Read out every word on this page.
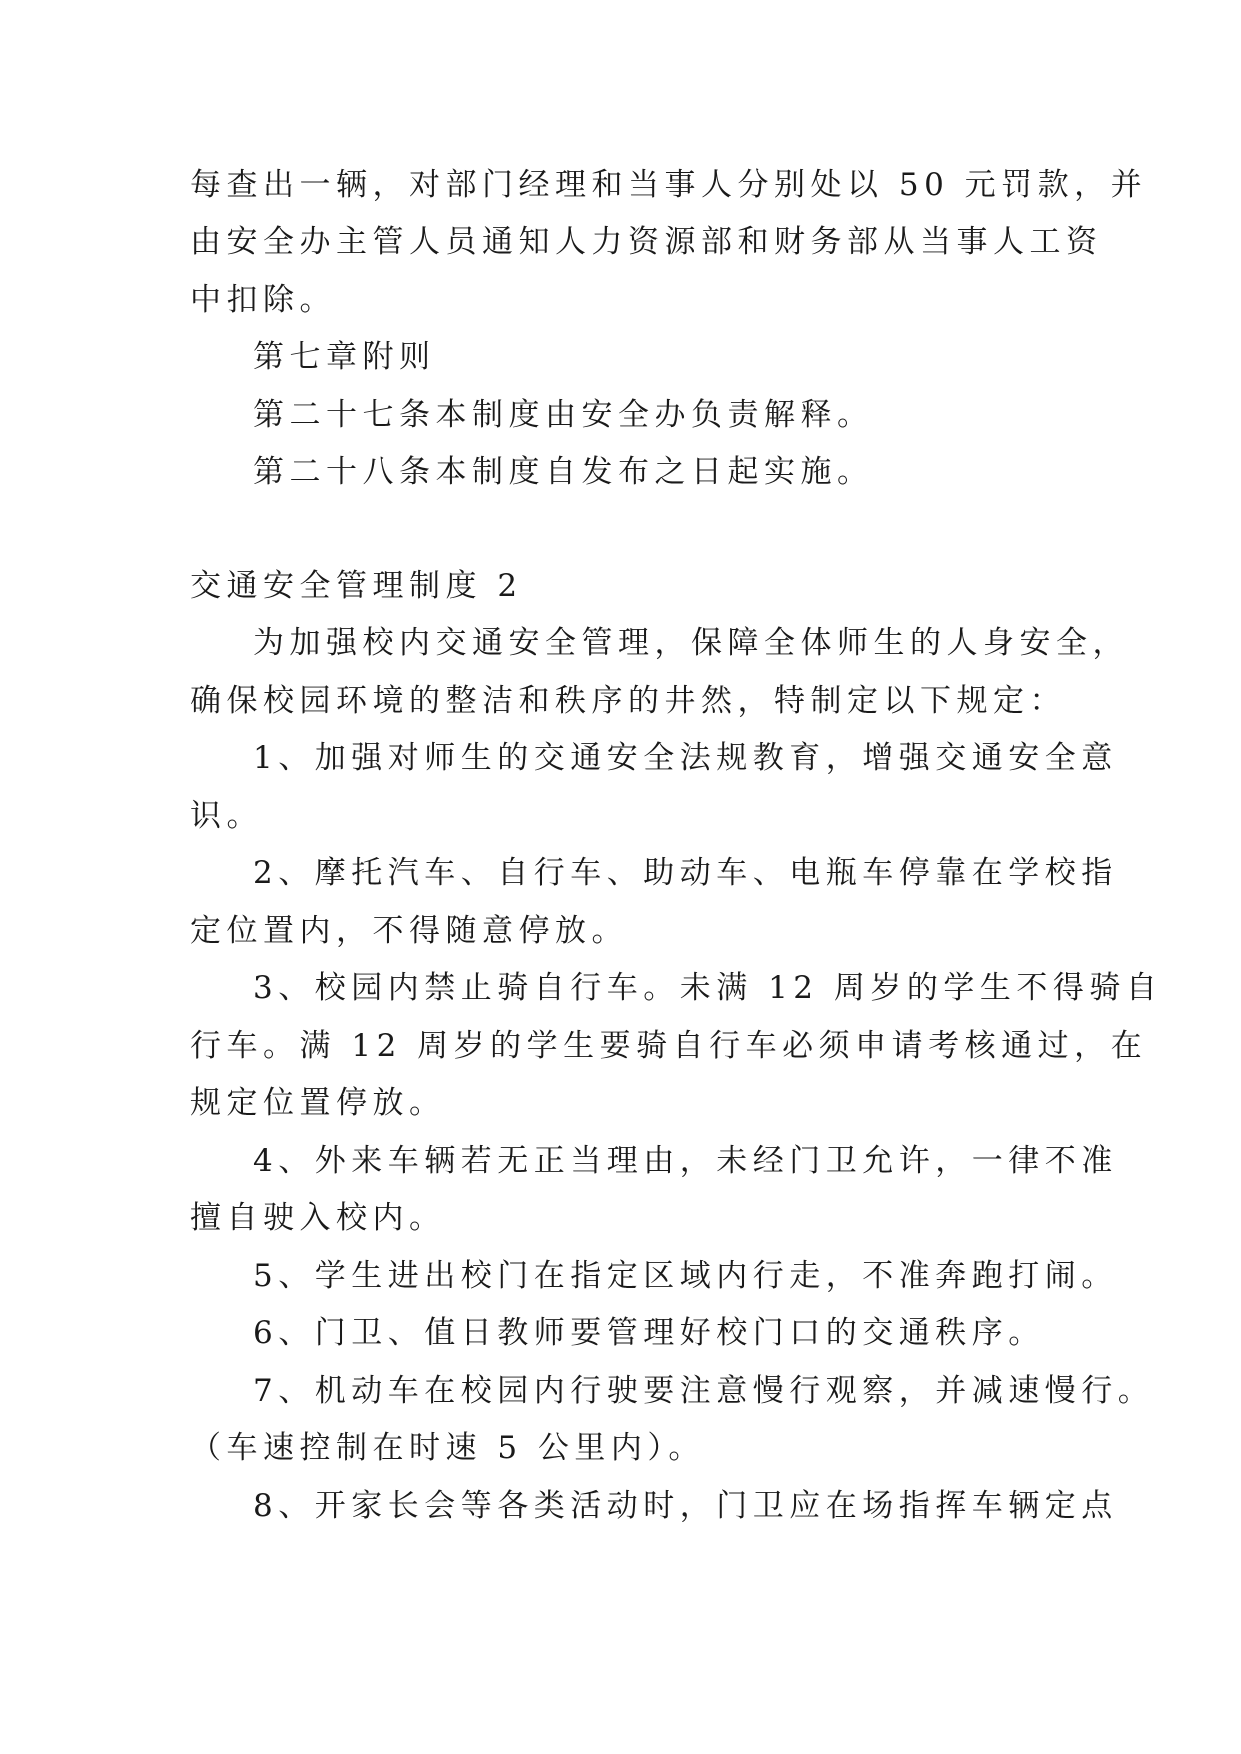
每查出一辆，对部门经理和当事人分别处以 50 元罚款，并
由安全办主管人员通知人力资源部和财务部从当事人工资
中扣除。
第七章附则
第二十七条本制度由安全办负责解释。
第二十八条本制度自发布之日起实施。
交通安全管理制度 2
为加强校内交通安全管理，保障全体师生的人身安全，
确保校园环境的整洁和秩序的井然，特制定以下规定：
1、加强对师生的交通安全法规教育，增强交通安全意
识。
2、摩托汽车、自行车、助动车、电瓶车停靠在学校指
定位置内，不得随意停放。
3、校园内禁止骑自行车。未满 12 周岁的学生不得骑自
行车。满 12 周岁的学生要骑自行车必须申请考核通过，在
规定位置停放。
4、外来车辆若无正当理由，未经门卫允许，一律不准
擅自驶入校内。
5、学生进出校门在指定区域内行走，不准奔跑打闹。
6、门卫、值日教师要管理好校门口的交通秩序。
7、机动车在校园内行驶要注意慢行观察，并减速慢行。
（车速控制在时速 5 公里内）。
8、开家长会等各类活动时，门卫应在场指挥车辆定点
